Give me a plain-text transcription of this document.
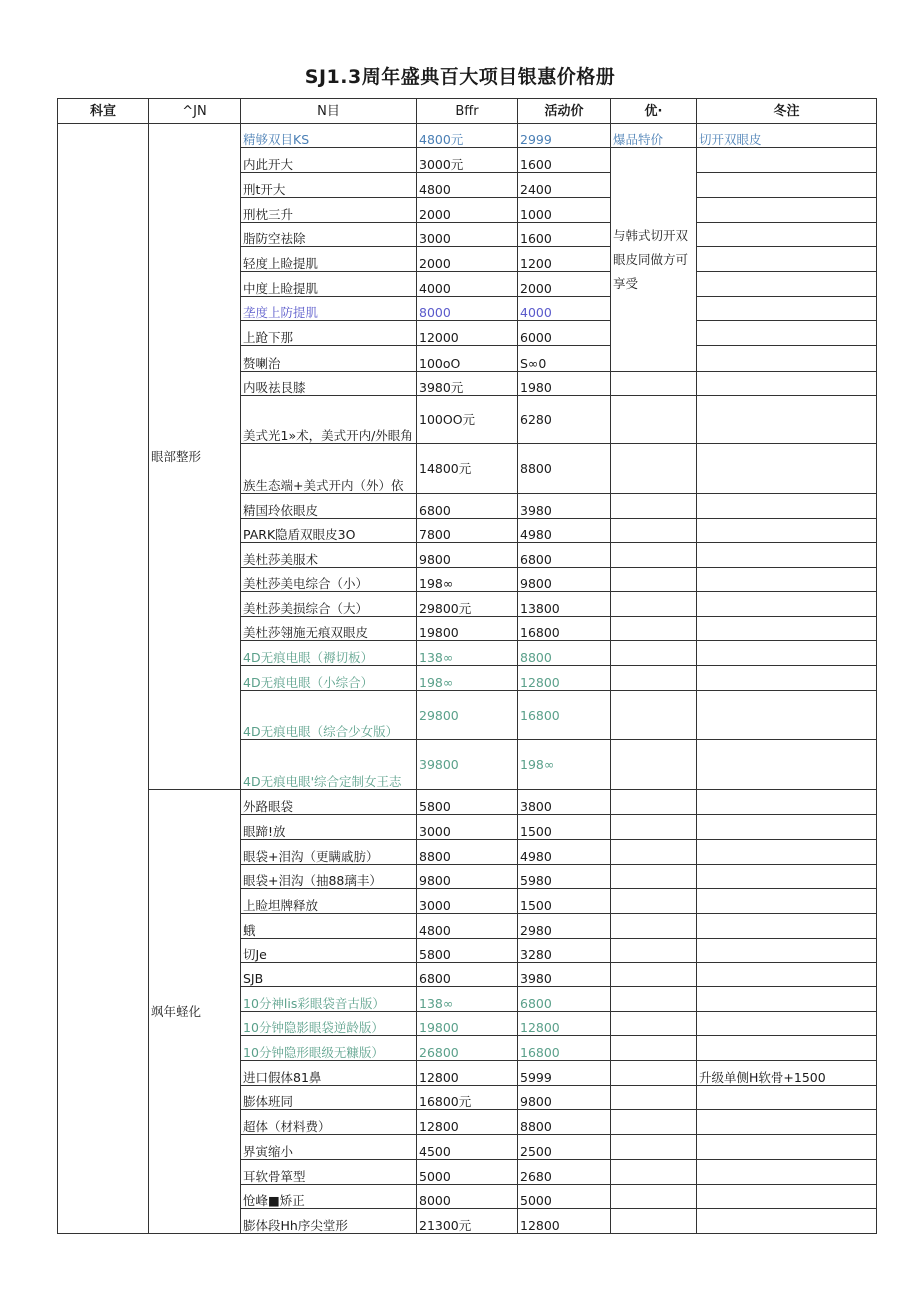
SJ1.3周年盛典百大项目银惠价格册
科宣	^JN	N目	Bffr	活动价	优·	冬注
	眼部整形	精够双目KS	4800元	2999	爆品特价	切开双眼皮
		内此开大	3000元	1600	与韩式切开双眼皮同做方可享受	
		刑t开大	4800	2400		
		刑枕三升	2000	1000		
		脂防空祛除	3000	1600		
		轻度上睑提肌	2000	1200		
		中度上睑提肌	4000	2000		
		垄度上防提肌	8000	4000		
		上跄下那	12000	6000		
		赘喇治	100oO	S∞0		
		内吸祛艮膝	3980元	1980		
		美式光1»术，美式开内/外眼角	100OO元	6280		
		族生态端+美式开内（外）依	14800元	8800		
		精国玲依眼皮	6800	3980		
		PARK隐盾双眼皮3O	7800	4980		
		美杜莎美服术	9800	6800		
		美杜莎美电综合（小）	198∞	9800		
		美杜莎美损综合（大）	29800元	13800		
		美杜莎翎施无痕双眼皮	19800	16800		
		4D无痕电眼（褥切板）	138∞	8800		
		4D无痕电眼（小综合）	198∞	12800		
		4D无痕电眼（综合少女版）	29800	16800		
		4D无痕电眼'综合定制女王志	39800	198∞		
	飒年蛏化	外路眼袋	5800	3800		
		眼蹄!放	3000	1500		
		眼袋+泪沟（更瞒戚肪）	8800	4980		
		眼袋+泪沟（抽88璃丰）	9800	5980		
		上睑坦牌释放	3000	1500		
		蛾	4800	2980		
		切Je	5800	3280		
		SJB	6800	3980		
		10分神lis彩眼袋音古版）	138∞	6800		
		10分钟隐影眼袋逆龄版）	19800	12800		
		10分钟隐形眼级无糠版）	26800	16800		
		进口假体81鼻	12800	5999		升级单侧H软骨+1500
		膨体班同	16800元	9800		
		超体（材料费）	12800	8800		
		界寅缩小	4500	2500		
		耳软骨箪型	5000	2680		
		怆峰■矫正	8000	5000		
		膨体段Hh序尖堂形	21300元	12800		
